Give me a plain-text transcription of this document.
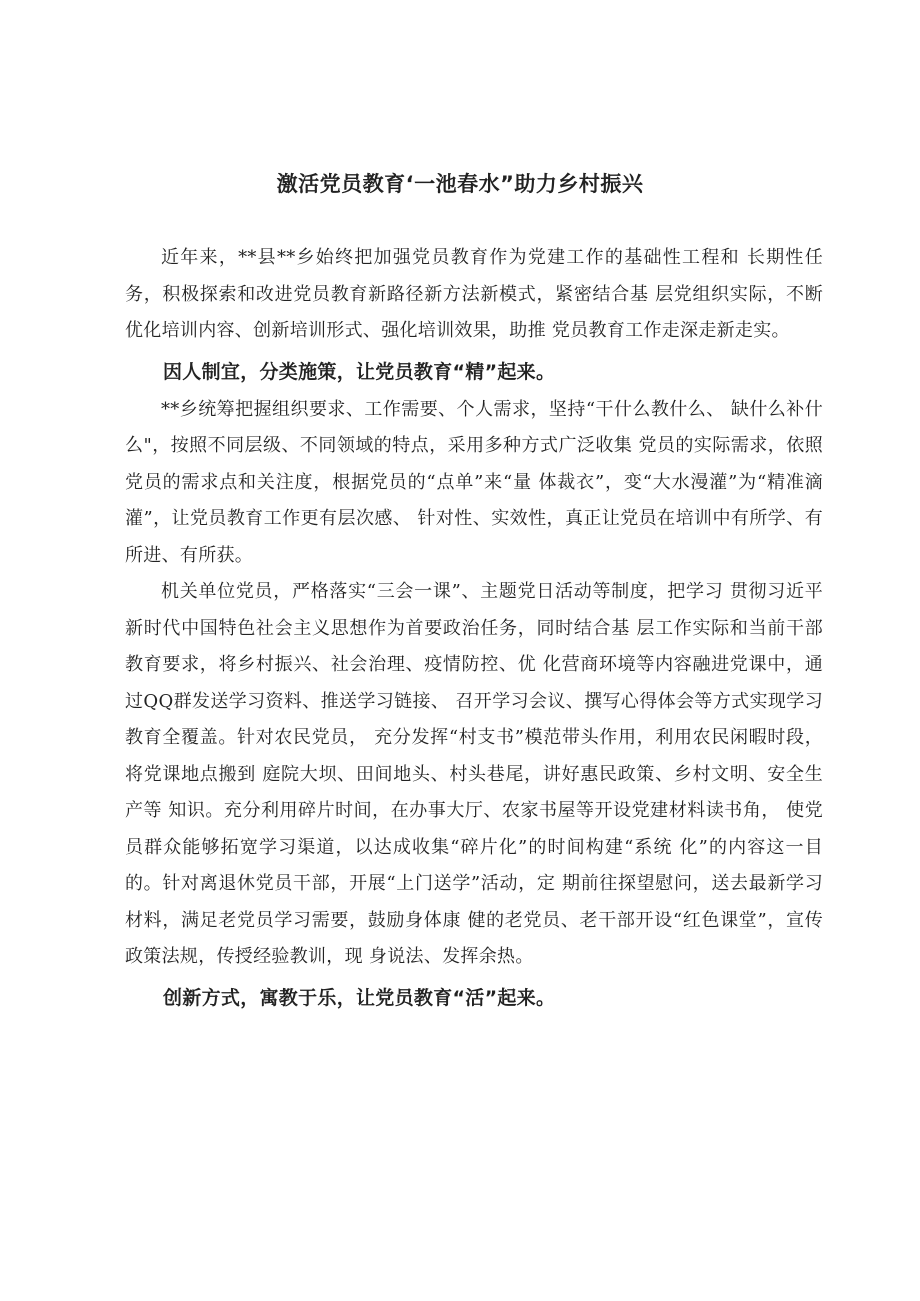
激活党员教育‘一池春水”助力乡村振兴

近年来，**县**乡始终把加强党员教育作为党建工作的基础性工程和 长期性任务，积极探索和改进党员教育新路径新方法新模式，紧密结合基 层党组织实际，不断优化培训内容、创新培训形式、强化培训效果，助推 党员教育工作走深走新走实。

因人制宜，分类施策，让党员教育“精”起来。

**乡统筹把握组织要求、工作需要、个人需求，坚持“干什么教什么、 缺什么补什么"，按照不同层级、不同领域的特点，采用多种方式广泛收集 党员的实际需求，依照党员的需求点和关注度，根据党员的“点单”来“量 体裁衣”，变“大水漫灌”为“精准滴灌”，让党员教育工作更有层次感、 针对性、实效性，真正让党员在培训中有所学、有所进、有所获。

机关单位党员，严格落实“三会一课”、主题党日活动等制度，把学习 贯彻习近平新时代中国特色社会主义思想作为首要政治任务，同时结合基 层工作实际和当前干部教育要求，将乡村振兴、社会治理、疫情防控、优 化营商环境等内容融进党课中，通过QQ群发送学习资料、推送学习链接、 召开学习会议、撰写心得体会等方式实现学习教育全覆盖。针对农民党员， 充分发挥“村支书”模范带头作用，利用农民闲暇时段，将党课地点搬到 庭院大坝、田间地头、村头巷尾，讲好惠民政策、乡村文明、安全生产等 知识。充分利用碎片时间，在办事大厅、农家书屋等开设党建材料读书角， 使党员群众能够拓宽学习渠道，以达成收集“碎片化”的时间构建“系统 化”的内容这一目的。针对离退休党员干部，开展“上门送学”活动，定 期前往探望慰问，送去最新学习材料，满足老党员学习需要，鼓励身体康 健的老党员、老干部开设“红色课堂”，宣传政策法规，传授经验教训，现 身说法、发挥余热。

创新方式，寓教于乐，让党员教育“活”起来。
